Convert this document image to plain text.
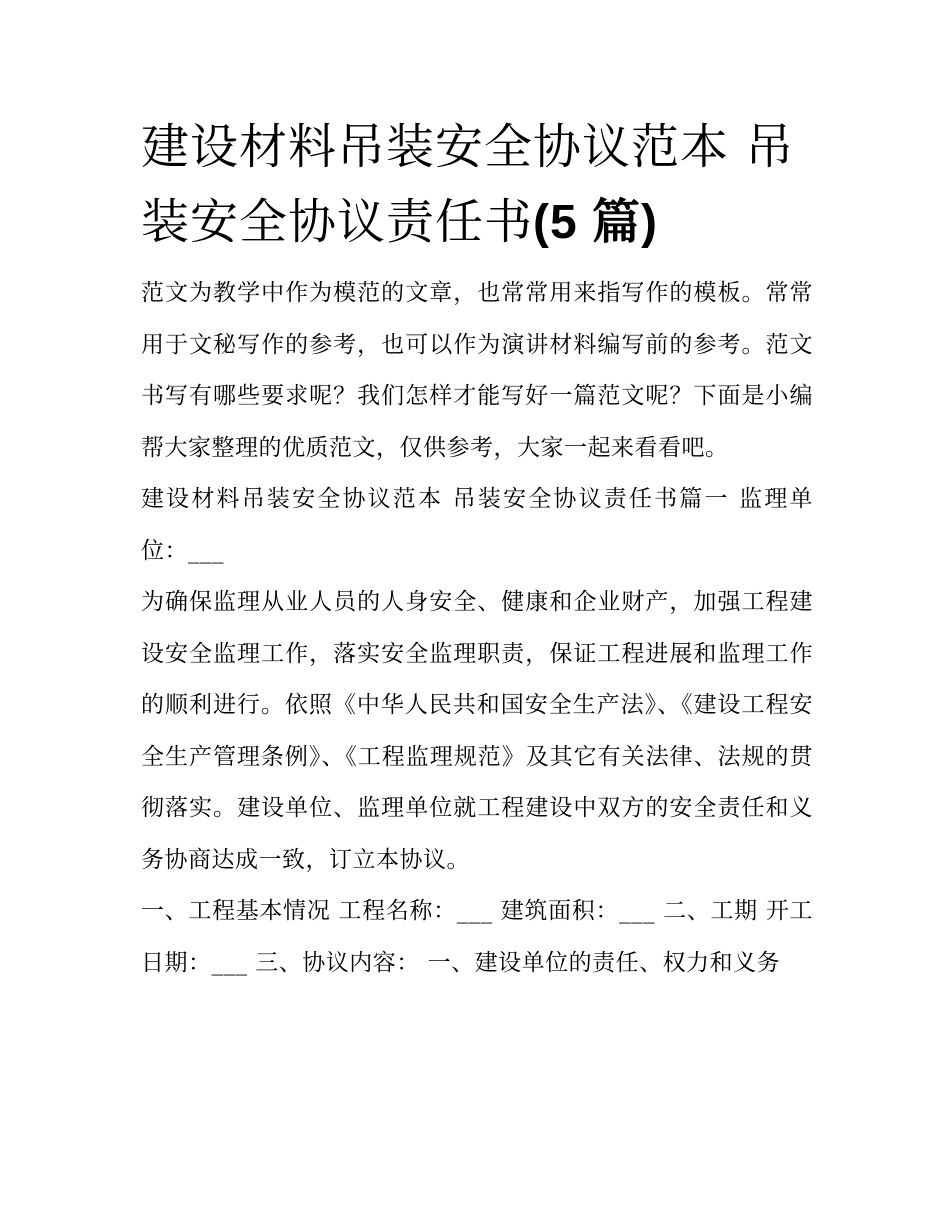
建设材料吊装安全协议范本 吊装安全协议责任书(5 篇)

范文为教学中作为模范的文章，也常常用来指写作的模板。常常用于文秘写作的参考，也可以作为演讲材料编写前的参考。范文书写有哪些要求呢？我们怎样才能写好一篇范文呢？下面是小编帮大家整理的优质范文，仅供参考，大家一起来看看吧。

建设材料吊装安全协议范本 吊装安全协议责任书篇一 监理单位：___

为确保监理从业人员的人身安全、健康和企业财产，加强工程建设安全监理工作，落实安全监理职责，保证工程进展和监理工作的顺利进行。依照《中华人民共和国安全生产法》、《建设工程安全生产管理条例》、《工程监理规范》及其它有关法律、法规的贯彻落实。建设单位、监理单位就工程建设中双方的安全责任和义务协商达成一致，订立本协议。

一、工程基本情况 工程名称：___ 建筑面积：___ 二、工期 开工日期：___ 三、协议内容： 一、建设单位的责任、权力和义务
